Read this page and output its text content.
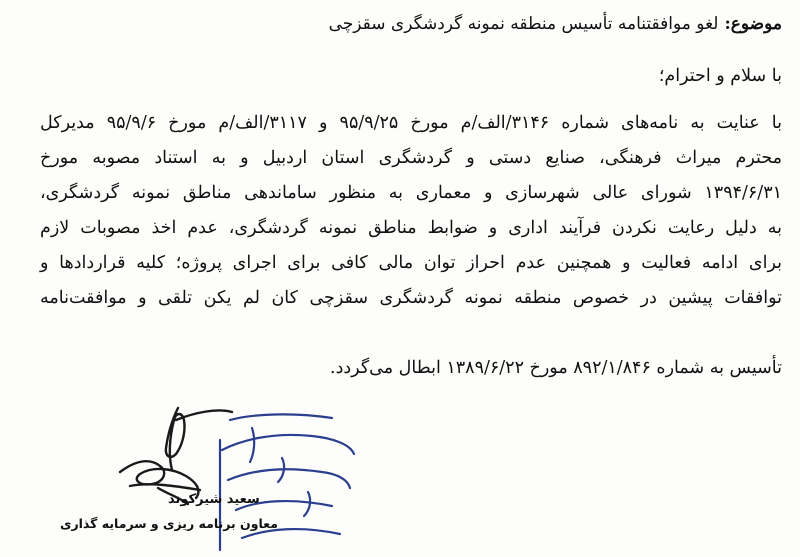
موضوع:لغو موافقتنامه تأسیس منطقه نمونه گردشگری سقزچی
با سلام و احترام؛
با عنایت به نامه‌های شماره ۳۱۴۶/الف/م مورخ ۹۵/۹/۲۵ و ۳۱۱۷/الف/م مورخ ۹۵/۹/۶ مدیرکل
محترم میراث فرهنگی، صنایع دستی و گردشگری استان اردبیل و به استناد مصوبه مورخ
۱۳۹۴/۶/۳۱ شورای عالی شهرسازی و معماری به منظور ساماندهی مناطق نمونه گردشگری،
به دلیل رعایت نکردن فرآیند اداری و ضوابط مناطق نمونه گردشگری، عدم اخذ مصوبات لازم
برای ادامه فعالیت و همچنین عدم احراز توان مالی کافی برای اجرای پروژه؛ کلیه قراردادها و
توافقات پیشین در خصوص منطقه نمونه گردشگری سقزچی کان لم یکن تلقی و موافقت‌نامه
تأسیس به شماره ۸۹۲/۱/۸۴۶ مورخ ۱۳۸۹/۶/۲۲ ابطال می‌گردد.
سعید شیرکوند
معاون برنامه ریزی و سرمایه گذاری
